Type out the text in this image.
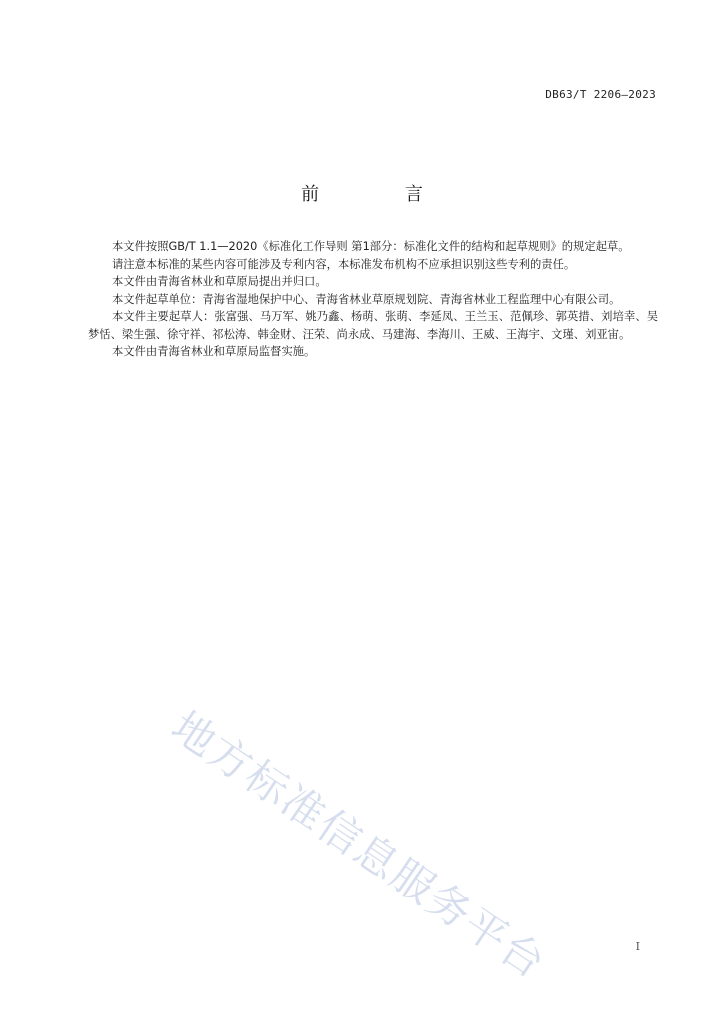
DB63/T 2206—2023
前 言

本文件按照GB/T 1.1—2020《标准化工作导则 第1部分：标准化文件的结构和起草规则》的规定起草。

请注意本标准的某些内容可能涉及专利内容，本标准发布机构不应承担识别这些专利的责任。

本文件由青海省林业和草原局提出并归口。

本文件起草单位：青海省湿地保护中心、青海省林业草原规划院、青海省林业工程监理中心有限公司。

本文件主要起草人：张富强、马万军、姚乃鑫、杨萌、张萌、李延凤、王兰玉、范佩珍、郭英措、刘培幸、吴梦恬、梁生强、徐守祥、祁松涛、韩金财、汪荣、尚永成、马建海、李海川、王威、王海宇、文瑾、刘亚宙。

本文件由青海省林业和草原局监督实施。

地方标准信息服务平台	I
